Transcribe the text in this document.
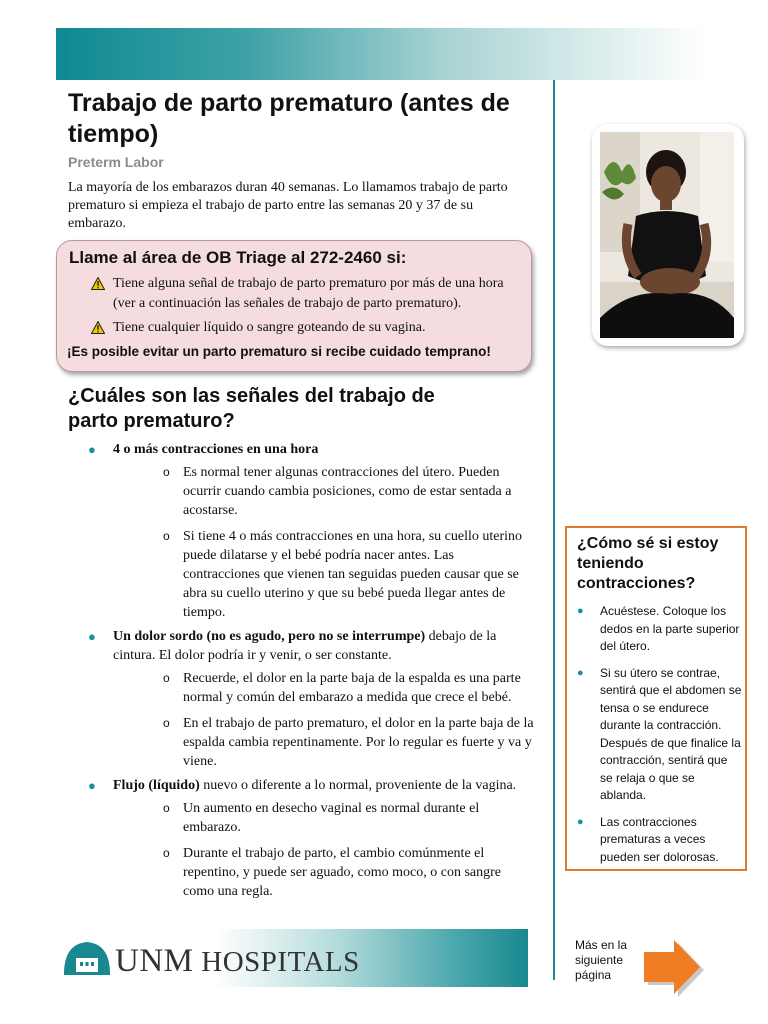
Trabajo de parto prematuro (antes de tiempo)
Preterm Labor

La mayoría de los embarazos duran 40 semanas. Lo llamamos trabajo de parto prematuro si empieza el trabajo de parto entre las semanas 20 y 37 de su embarazo.

Llame al área de OB Triage al 272-2460 si:
Tiene alguna señal de trabajo de parto prematuro por más de una hora (ver a continuación las señales de trabajo de parto prematuro).
Tiene cualquier líquido o sangre goteando de su vagina.
¡Es posible evitar un parto prematuro si recibe cuidado temprano!
¿Cuáles son las señales del trabajo de parto prematuro?
● 4 o más contracciones en una hora
o Es normal tener algunas contracciones del útero. Pueden ocurrir cuando cambia posiciones, como de estar sentada a acostarse.
o Si tiene 4 o más contracciones en una hora, su cuello uterino puede dilatarse y el bebé podría nacer antes. Las contracciones que vienen tan seguidas pueden causar que se abra su cuello uterino y que su bebé pueda llegar antes de tiempo.
● Un dolor sordo (no es agudo, pero no se interrumpe) debajo de la cintura. El dolor podría ir y venir, o ser constante.
o Recuerde, el dolor en la parte baja de la espalda es una parte normal y común del embarazo a medida que crece el bebé.
o En el trabajo de parto prematuro, el dolor en la parte baja de la espalda cambia repentinamente. Por lo regular es fuerte y va y viene.
● Flujo (líquido) nuevo o diferente a lo normal, proveniente de la vagina.
o Un aumento en desecho vaginal es normal durante el embarazo.
o Durante el trabajo de parto, el cambio comúnmente el repentino, y puede ser aguado, como moco, o con sangre como una regla.
¿Cómo sé si estoy teniendo contracciones?
● Acuéstese. Coloque los dedos en la parte superior del útero.
● Si su útero se contrae, sentirá que el abdomen se tensa o se endurece durante la contracción. Después de que finalice la contracción, sentirá que se relaja o que se ablanda.
● Las contracciones prematuras a veces pueden ser dolorosas.
UNM HOSPITALS
Más en la siguiente página
